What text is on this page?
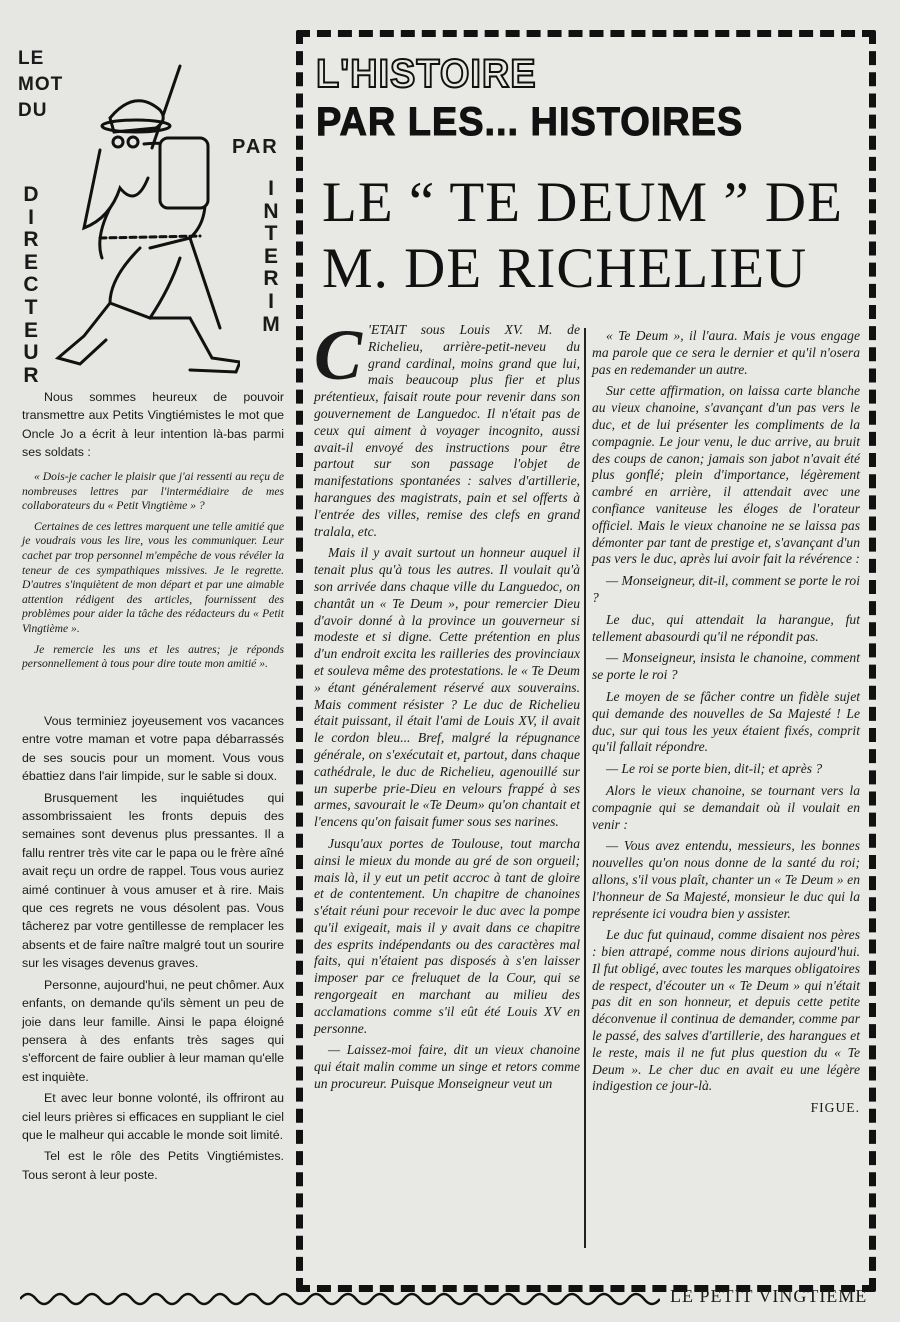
LE
MOT
DU
D
I
R
E
C
T
E
U
R
PAR
I
N
T
E
R
I
M

Nous sommes heureux de pouvoir transmettre aux Petits Vingtiémistes le mot que Oncle Jo a écrit à leur intention là-bas parmi ses soldats :

« Dois-je cacher le plaisir que j'ai ressenti au reçu de nombreuses lettres par l'intermédiaire de mes collaborateurs du « Petit Vingtième » ?

Certaines de ces lettres marquent une telle amitié que je voudrais vous les lire, vous les communiquer. Leur cachet par trop personnel m'empêche de vous révéler la teneur de ces sympathiques missives. Je le regrette. D'autres s'inquiètent de mon départ et par une aimable attention rédigent des articles, fournissent des problèmes pour aider la tâche des rédacteurs du « Petit Vingtième ».

Je remercie les uns et les autres; je réponds personnellement à tous pour dire toute mon amitié ».

Vous terminiez joyeusement vos vacances entre votre maman et votre papa débarrassés de ses soucis pour un moment. Vous vous ébattiez dans l'air limpide, sur le sable si doux.

Brusquement les inquiétudes qui assombrissaient les fronts depuis des semaines sont devenus plus pressantes. Il a fallu rentrer très vite car le papa ou le frère aîné avait reçu un ordre de rappel. Tous vous auriez aimé continuer à vous amuser et à rire. Mais que ces regrets ne vous désolent pas. Vous tâcherez par votre gentillesse de remplacer les absents et de faire naître malgré tout un sourire sur les visages devenus graves.

Personne, aujourd'hui, ne peut chômer. Aux enfants, on demande qu'ils sèment un peu de joie dans leur famille. Ainsi le papa éloigné pensera à des enfants très sages qui s'efforcent de faire oublier à leur maman qu'elle est inquiète.

Et avec leur bonne volonté, ils offriront au ciel leurs prières si efficaces en suppliant le ciel que le malheur qui accable le monde soit limité.

Tel est le rôle des Petits Vingtiémistes. Tous seront à leur poste.

L'HISTOIRE
PAR LES... HISTOIRES
LE “ TE DEUM ” DE
M. DE RICHELIEU

C 'ETAIT sous Louis XV. M. de Richelieu, arrière-petit-neveu du grand cardinal, moins grand que lui, mais beaucoup plus fier et plus prétentieux, faisait route pour revenir dans son gouvernement de Languedoc. Il n'était pas de ceux qui aiment à voyager incognito, aussi avait-il envoyé des instructions pour être partout sur son passage l'objet de manifestations spontanées : salves d'artillerie, harangues des magistrats, pain et sel offerts à l'entrée des villes, remise des clefs en grand tralala, etc.

Mais il y avait surtout un honneur auquel il tenait plus qu'à tous les autres. Il voulait qu'à son arrivée dans chaque ville du Languedoc, on chantât un « Te Deum », pour remercier Dieu d'avoir donné à la province un gouverneur si modeste et si digne. Cette prétention en plus d'un endroit excita les railleries des provinciaux et souleva même des protestations. le « Te Deum » étant généralement réservé aux souverains. Mais comment résister ? Le duc de Richelieu était puissant, il était l'ami de Louis XV, il avait le cordon bleu... Bref, malgré la répugnance générale, on s'exécutait et, partout, dans chaque cathédrale, le duc de Richelieu, agenouillé sur un superbe prie-Dieu en velours frappé à ses armes, savourait le «Te Deum» qu'on chantait et l'encens qu'on faisait fumer sous ses narines.

Jusqu'aux portes de Toulouse, tout marcha ainsi le mieux du monde au gré de son orgueil; mais là, il y eut un petit accroc à tant de gloire et de contentement. Un chapitre de chanoines s'était réuni pour recevoir le duc avec la pompe qu'il exigeait, mais il y avait dans ce chapitre des esprits indépendants ou des caractères mal faits, qui n'étaient pas disposés à s'en laisser imposer par ce freluquet de la Cour, qui se rengorgeait en marchant au milieu des acclamations comme s'il eût été Louis XV en personne.

— Laissez-moi faire, dit un vieux chanoine qui était malin comme un singe et retors comme un procureur. Puisque Monseigneur veut un

« Te Deum », il l'aura. Mais je vous engage ma parole que ce sera le dernier et qu'il n'osera pas en redemander un autre.

Sur cette affirmation, on laissa carte blanche au vieux chanoine, s'avançant d'un pas vers le duc, et de lui présenter les compliments de la compagnie. Le jour venu, le duc arrive, au bruit des coups de canon; jamais son jabot n'avait été plus gonflé; plein d'importance, légèrement cambré en arrière, il attendait avec une confiance vaniteuse les éloges de l'orateur officiel. Mais le vieux chanoine ne se laissa pas démonter par tant de prestige et, s'avançant d'un pas vers le duc, après lui avoir fait la révérence :

— Monseigneur, dit-il, comment se porte le roi ?

Le duc, qui attendait la harangue, fut tellement abasourdi qu'il ne répondit pas.

— Monseigneur, insista le chanoine, comment se porte le roi ?

Le moyen de se fâcher contre un fidèle sujet qui demande des nouvelles de Sa Majesté ! Le duc, sur qui tous les yeux étaient fixés, comprit qu'il fallait répondre.

— Le roi se porte bien, dit-il; et après ?

Alors le vieux chanoine, se tournant vers la compagnie qui se demandait où il voulait en venir :

— Vous avez entendu, messieurs, les bonnes nouvelles qu'on nous donne de la santé du roi; allons, s'il vous plaît, chanter un « Te Deum » en l'honneur de Sa Majesté, monsieur le duc qui la représente ici voudra bien y assister.

Le duc fut quinaud, comme disaient nos pères : bien attrapé, comme nous dirions aujourd'hui. Il fut obligé, avec toutes les marques obligatoires de respect, d'écouter un « Te Deum » qui n'était pas dit en son honneur, et depuis cette petite déconvenue il continua de demander, comme par le passé, des salves d'artillerie, des harangues et le reste, mais il ne fut plus question du « Te Deum ». Le cher duc en avait eu une légère indigestion ce jour-là.

FIGUE.

LE PETIT VINGTIEME
